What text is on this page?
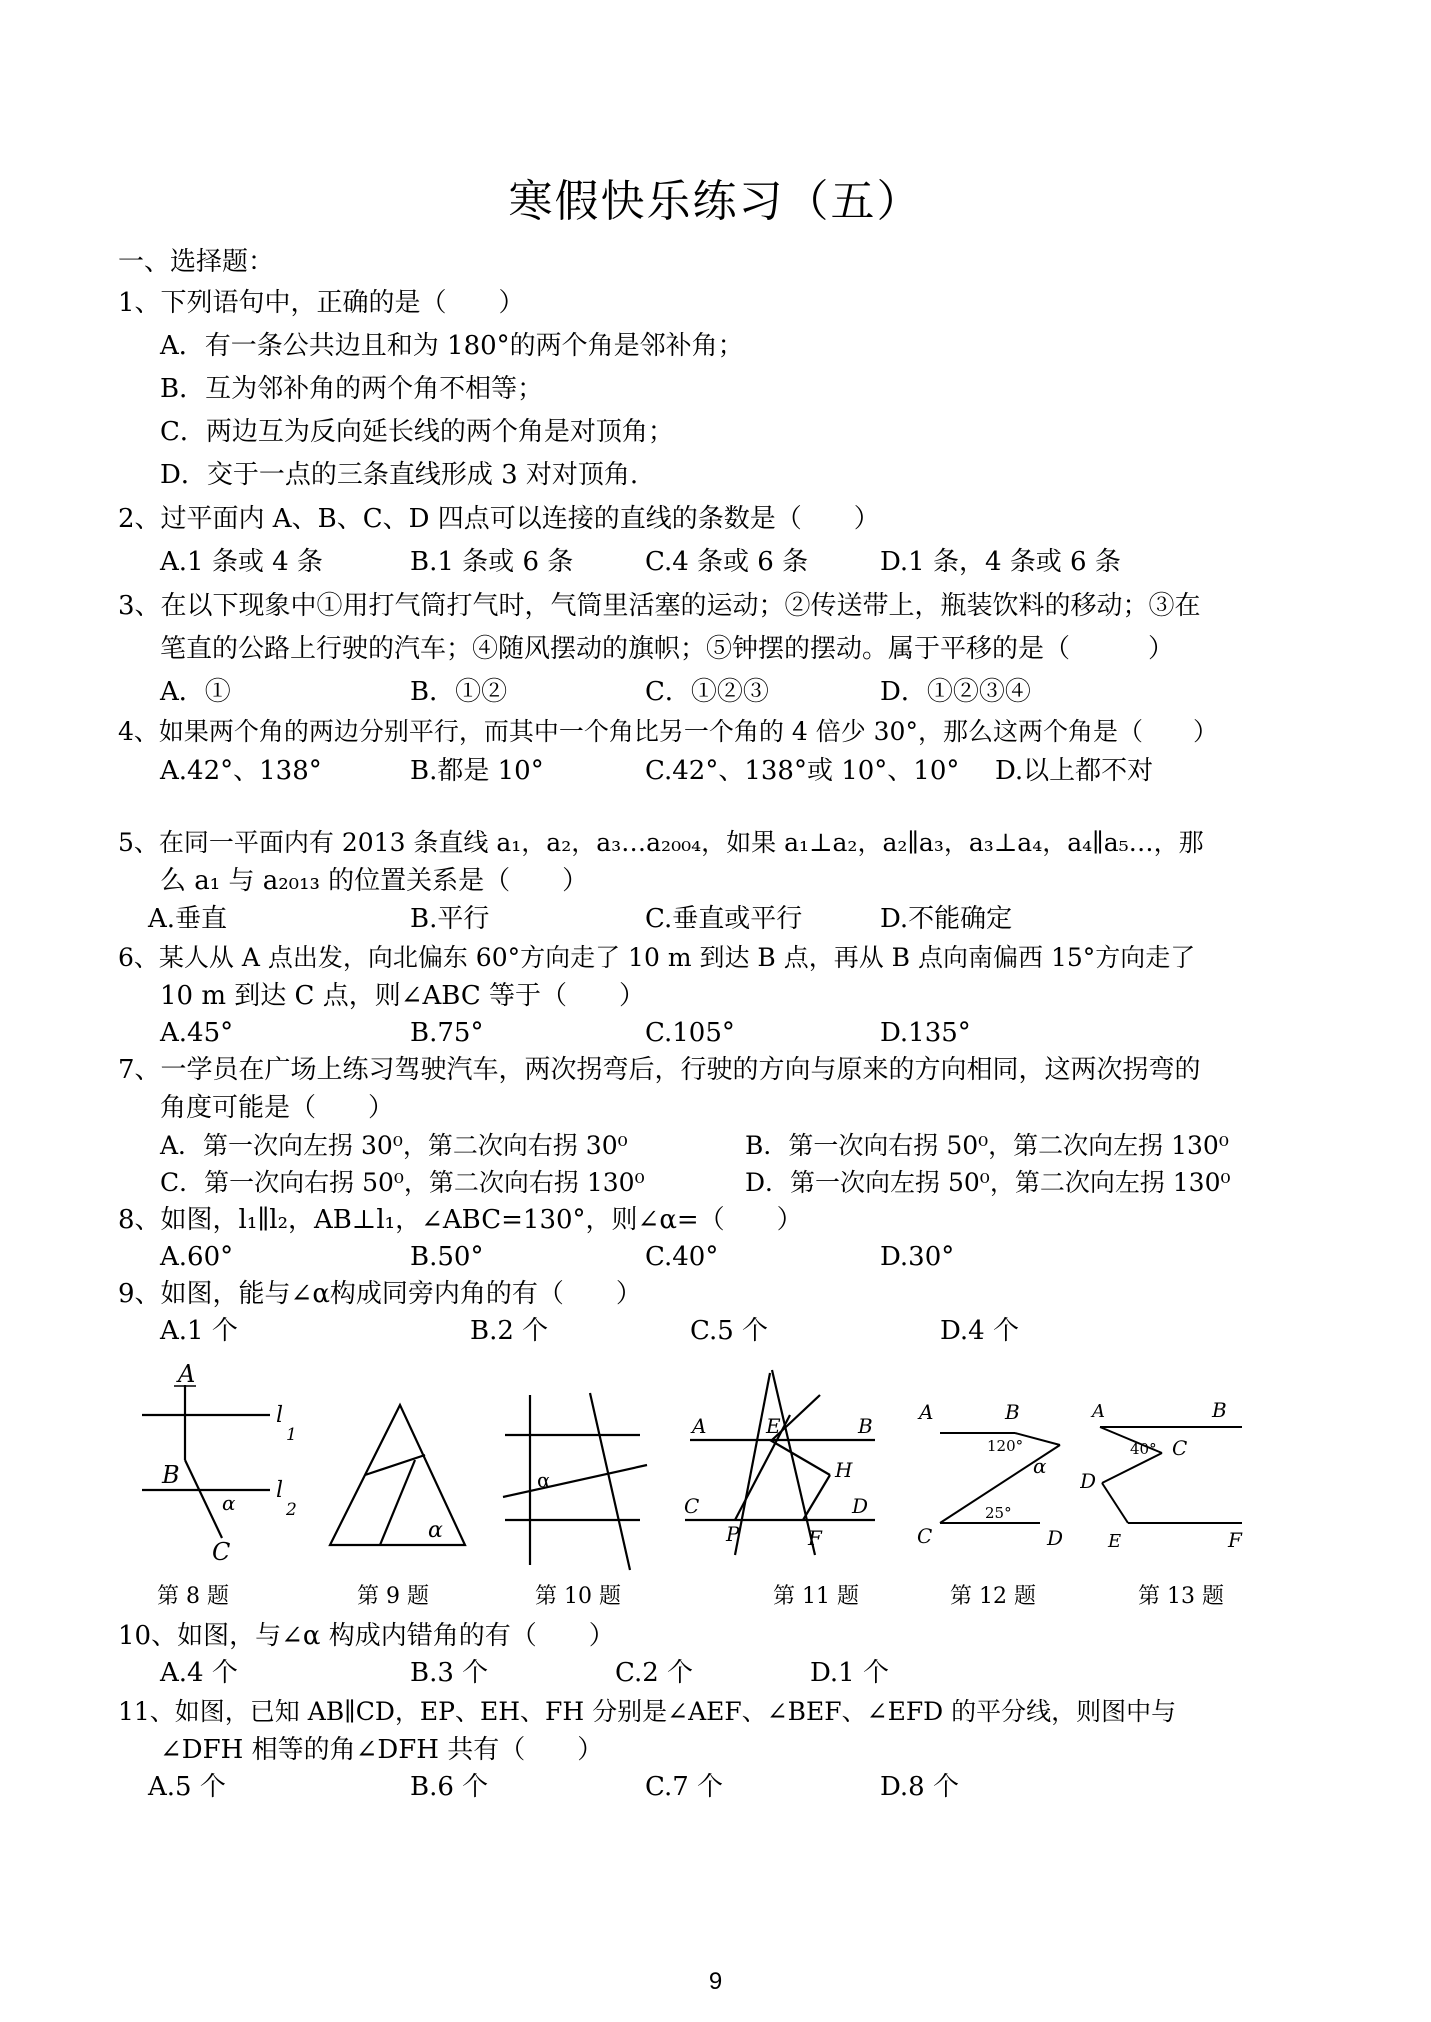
寒假快乐练习（五）
一、选择题：
1、下列语句中，正确的是（　　）
A．有一条公共边且和为 180°的两个角是邻补角；
B．互为邻补角的两个角不相等；
C．两边互为反向延长线的两个角是对顶角；
D．交于一点的三条直线形成 3 对对顶角.
2、过平面内 A、B、C、D 四点可以连接的直线的条数是（　　）
A.1 条或 4 条	B.1 条或 6 条	C.4 条或 6 条	D.1 条，4 条或 6 条
3、在以下现象中①用打气筒打气时，气筒里活塞的运动；②传送带上，瓶装饮料的移动；③在
笔直的公路上行驶的汽车；④随风摆动的旗帜；⑤钟摆的摆动。属于平移的是（　　　）
A．①	B．①②	C．①②③	D．①②③④
4、如果两个角的两边分别平行，而其中一个角比另一个角的 4 倍少 30°，那么这两个角是（　　）
A.42°、138°	B.都是 10°	C.42°、138°或 10°、10° D.以上都不对
5、在同一平面内有 2013 条直线 a₁，a₂，a₃…a₂₀₀₄，如果 a₁⊥a₂，a₂∥a₃，a₃⊥a₄，a₄∥a₅…，那
么 a₁ 与 a₂₀₁₃ 的位置关系是（　　）
A.垂直	B.平行	C.垂直或平行	D.不能确定
6、某人从 A 点出发，向北偏东 60°方向走了 10 m 到达 B 点，再从 B 点向南偏西 15°方向走了
10 m 到达 C 点，则∠ABC 等于（　　）
A.45°	B.75°	C.105°	D.135°
7、一学员在广场上练习驾驶汽车，两次拐弯后，行驶的方向与原来的方向相同，这两次拐弯的
角度可能是（　　）
A．第一次向左拐 30⁰，第二次向右拐 30⁰	B．第一次向右拐 50⁰，第二次向左拐 130⁰
C．第一次向右拐 50⁰，第二次向右拐 130⁰	D．第一次向左拐 50⁰，第二次向左拐 130⁰
8、如图，l₁∥l₂，AB⊥l₁，∠ABC=130°，则∠α=（　　）
A.60°	B.50°	C.40°	D.30°
9、如图，能与∠α构成同旁内角的有（　　）
A.1 个	B.2 个	C.5 个	D.4 个
A
l
1
B
l
2
α
C
α
α
A	E	B
H
C
P	F
D
A	B
120°
α
C
25°
D
A	B
40° C
D
E	F
第 8 题	第 9 题	第 10 题	第 11 题	第 12 题	第 13 题
10、如图，与∠α 构成内错角的有（　　）
A.4 个	B.3 个	C.2 个	D.1 个
11、如图，已知 AB∥CD，EP、EH、FH 分别是∠AEF、∠BEF、∠EFD 的平分线，则图中与
∠DFH 相等的角∠DFH 共有（　　）
A.5 个	B.6 个	C.7 个	D.8 个
9
